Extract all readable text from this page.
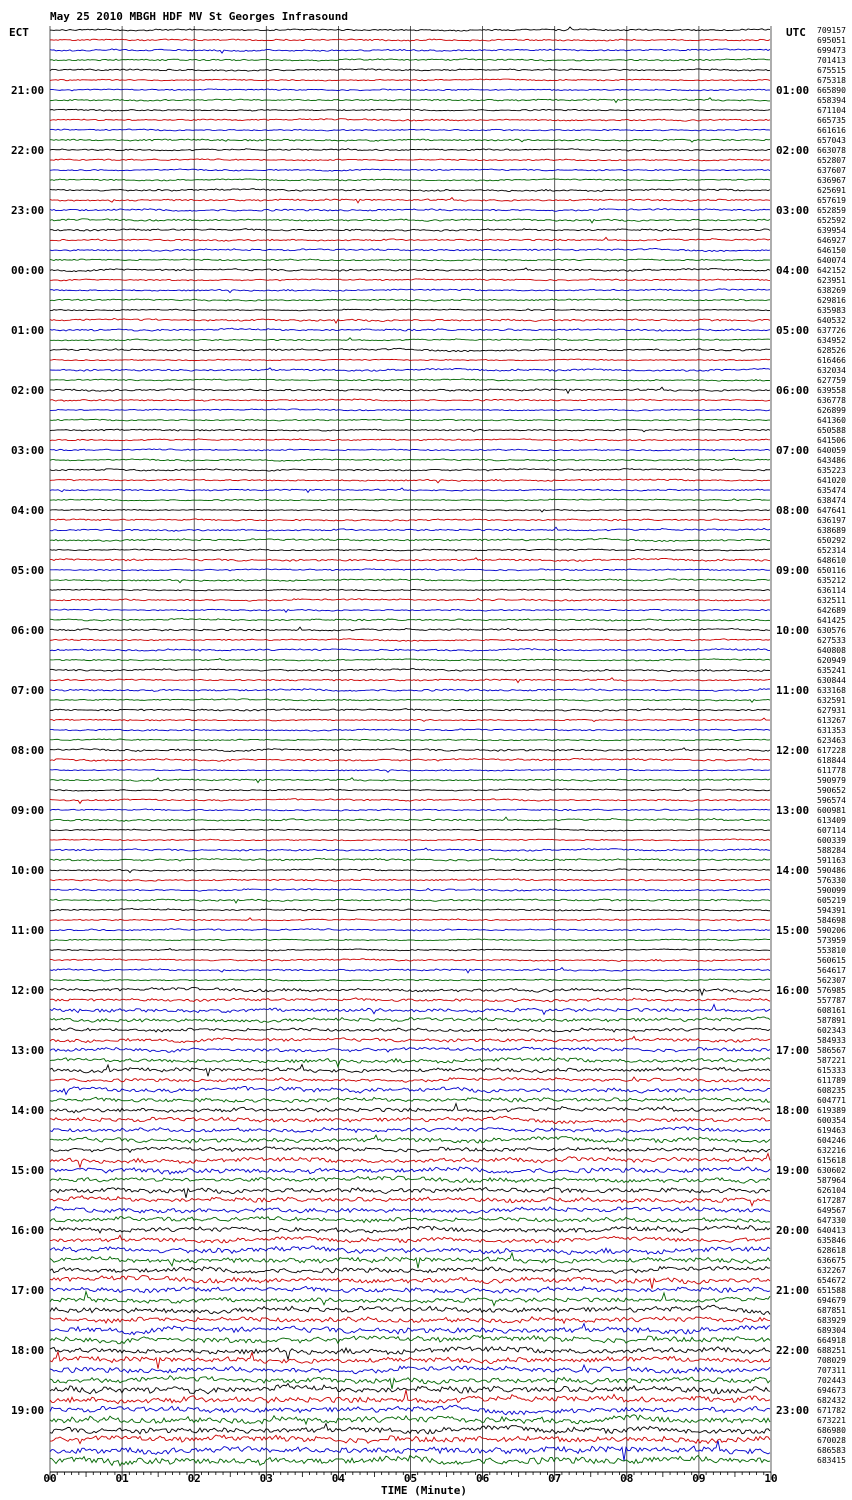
May 25 2010 MBGH HDF MV St Georges Infrasound
ECT	UTC
21:00
22:00
23:00
00:00
01:00
02:00
03:00
04:00
05:00
06:00
07:00
08:00
09:00
10:00
11:00
12:00
13:00
14:00
15:00
16:00
17:00
18:00
19:00
01:00
02:00
03:00
04:00
05:00
06:00
07:00
08:00
09:00
10:00
11:00
12:00
13:00
14:00
15:00
16:00
17:00
18:00
19:00
20:00
21:00
22:00
23:00
709157
695051
699473
701413
675515
675318
665890
658394
671104
665735
661616
657043
663078
652807
637607
636967
625691
657619
652859
652592
639954
646927
646150
640074
642152
623951
638269
629816
635983
640532
637726
634952
628526
616466
632034
627759
639558
636778
626899
641360
650588
641506
640059
643486
635223
641020
635474
638474
647641
636197
638689
650292
652314
648610
650116
635212
636114
632511
642689
641425
630576
627533
640808
620949
635241
630844
633168
632591
627931
613267
631353
623463
617228
618844
611778
590979
590652
596574
600981
613409
607114
600339
588284
591163
590486
576330
590099
605219
594391
584698
590206
573959
553810
560615
564617
562307
576985
557787
608161
587891
602343
584933
586567
587221
615333
611789
608235
604771
619389
600354
619463
604246
632216
615618
630602
587964
626104
617287
649567
647330
640413
635846
628618
636675
632267
654672
651588
694679
687851
683929
689304
664918
688251
708029
707311
702443
694673
682432
671782
673221
686980
670028
686583
683415
00	01	02	03	04	05	06	07	08	09	10
TIME (Minute)
